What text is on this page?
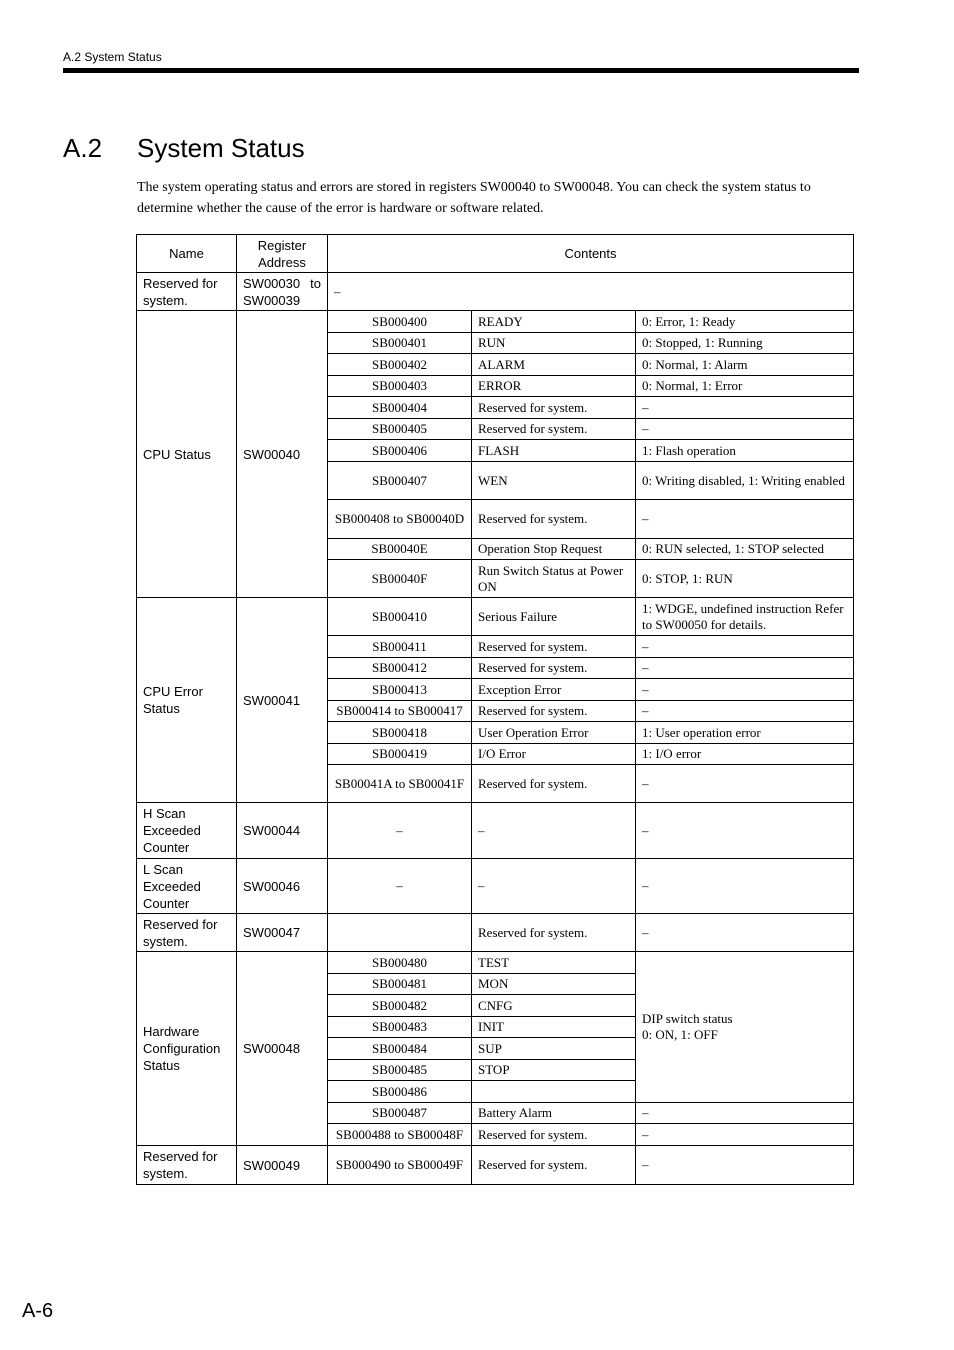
A.2 System Status
A.2 System Status

The system operating status and errors are stored in registers SW00040 to SW00048. You can check the system status to determine whether the cause of the error is hardware or software related.

Name	Register Address	Contents		
Reserved for system.	SW00030 to SW00039	–		
CPU Status	SW00040	SB000400	READY	0: Error, 1: Ready
		SB000401	RUN	0: Stopped, 1: Running
		SB000402	ALARM	0: Normal, 1: Alarm
		SB000403	ERROR	0: Normal, 1: Error
		SB000404	Reserved for system.	–
		SB000405	Reserved for system.	–
		SB000406	FLASH	1: Flash operation
		SB000407	WEN	0: Writing disabled, 1: Writing enabled
		SB000408 to SB00040D	Reserved for system.	–
		SB00040E	Operation Stop Request	0: RUN selected, 1: STOP selected
		SB00040F	Run Switch Status at Power ON	0: STOP, 1: RUN
CPU Error Status	SW00041	SB000410	Serious Failure	1: WDGE, undefined instruction Refer to SW00050 for details.
		SB000411	Reserved for system.	–
		SB000412	Reserved for system.	–
		SB000413	Exception Error	–
		SB000414 to SB000417	Reserved for system.	–
		SB000418	User Operation Error	1: User operation error
		SB000419	I/O Error	1: I/O error
		SB00041A to SB00041F	Reserved for system.	–
H Scan Exceeded Counter	SW00044	–	–	–
L Scan Exceeded Counter	SW00046	–	–	–
Reserved for system.	SW00047		Reserved for system.	–
Hardware Configuration Status	SW00048	SB000480	TEST	DIP switch status
0: ON, 1: OFF
		SB000481	MON	
		SB000482	CNFG	
		SB000483	INIT	
		SB000484	SUP	
		SB000485	STOP	
		SB000486		
		SB000487	Battery Alarm	–
		SB000488 to SB00048F	Reserved for system.	–
Reserved for system.	SW00049	SB000490 to SB00049F	Reserved for system.	–
A-6
